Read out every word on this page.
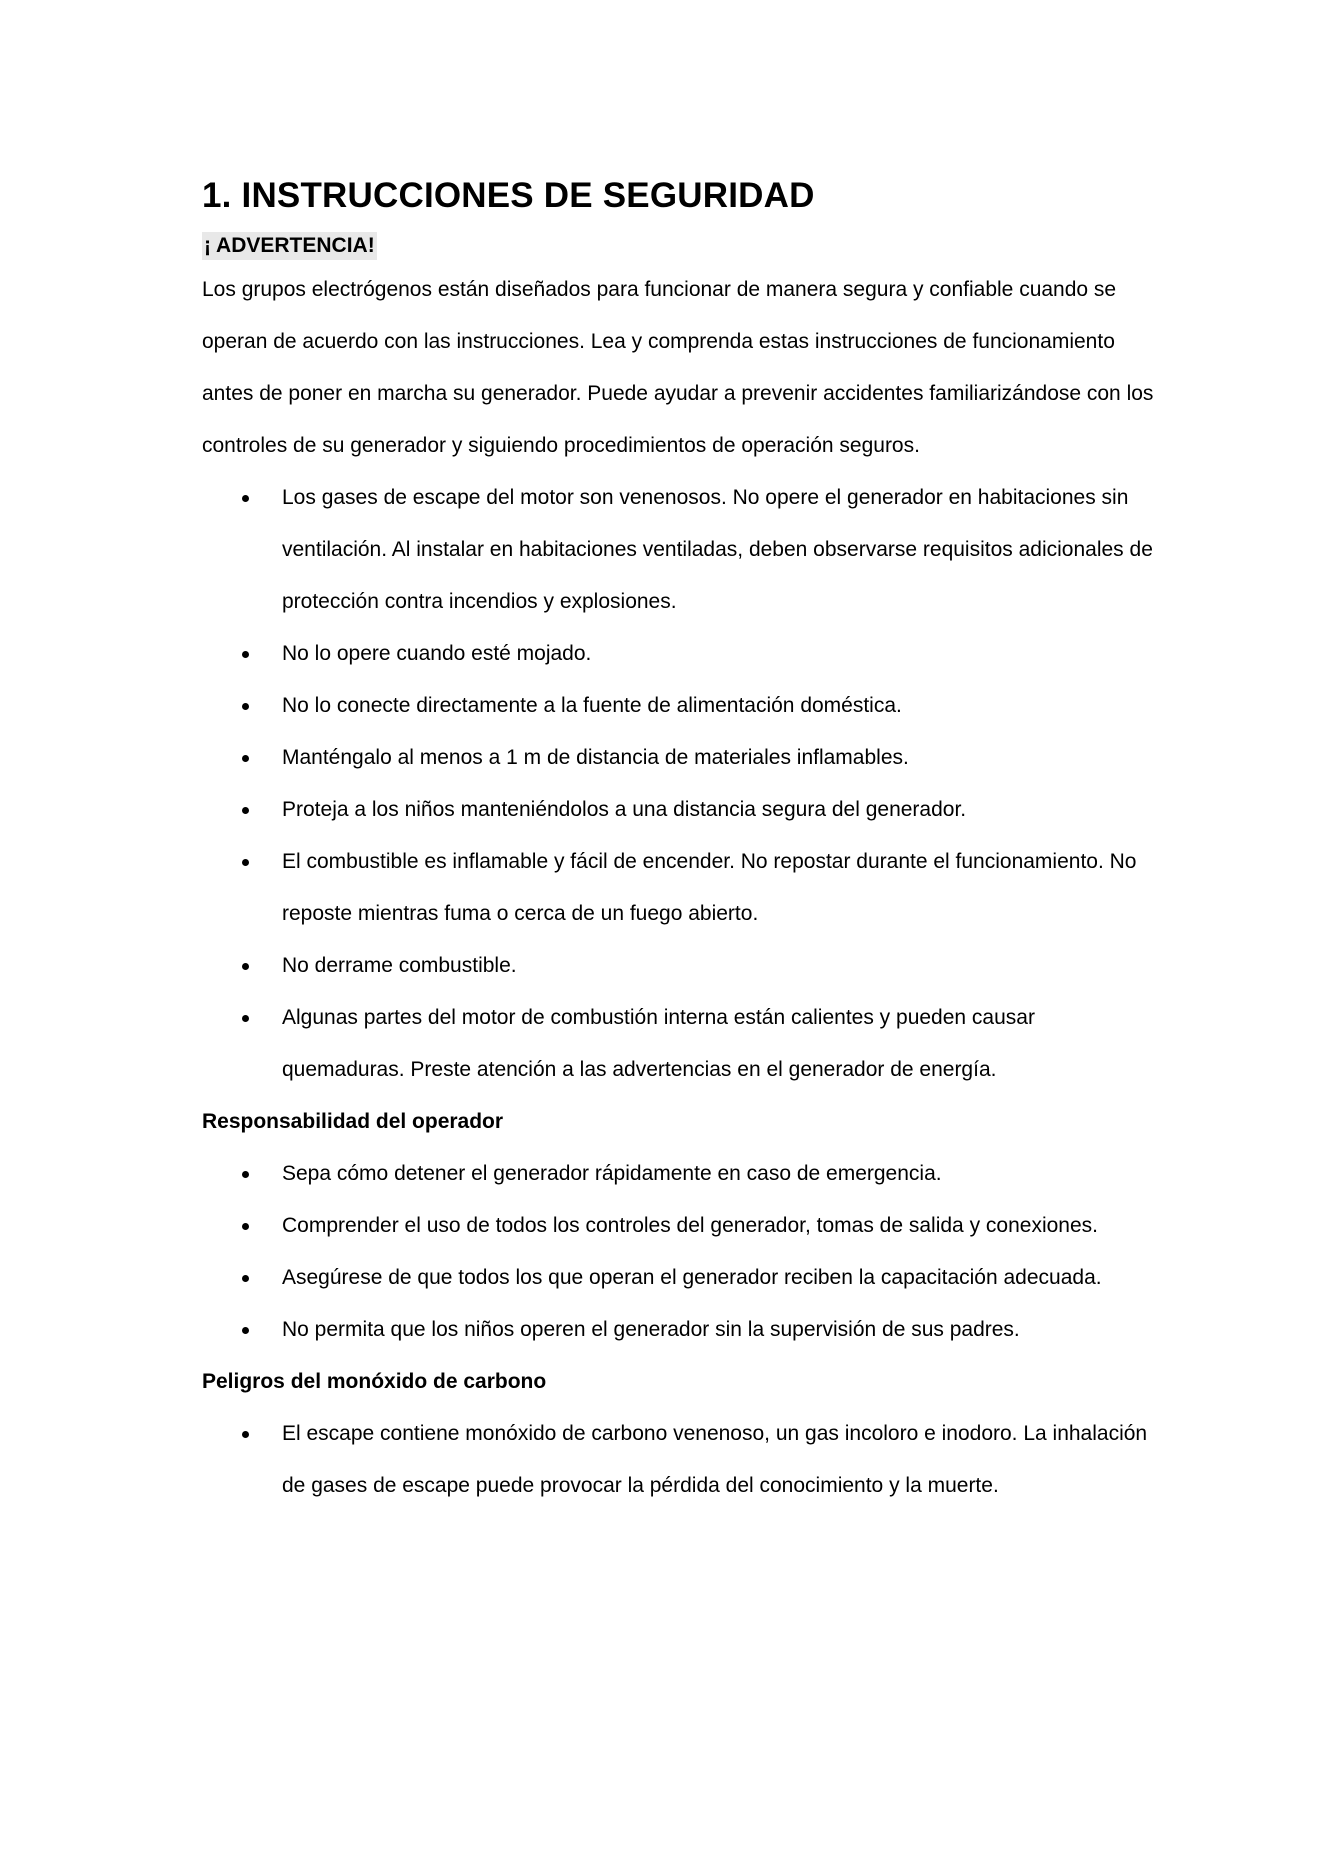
1. INSTRUCCIONES DE SEGURIDAD
¡ ADVERTENCIA!

Los grupos electrógenos están diseñados para funcionar de manera segura y confiable cuando se operan de acuerdo con las instrucciones. Lea y comprenda estas instrucciones de funcionamiento antes de poner en marcha su generador. Puede ayudar a prevenir accidentes familiarizándose con los controles de su generador y siguiendo procedimientos de operación seguros.

Los gases de escape del motor son venenosos. No opere el generador en habitaciones sin ventilación. Al instalar en habitaciones ventiladas, deben observarse requisitos adicionales de protección contra incendios y explosiones.
No lo opere cuando esté mojado.
No lo conecte directamente a la fuente de alimentación doméstica.
Manténgalo al menos a 1 m de distancia de materiales inflamables.
Proteja a los niños manteniéndolos a una distancia segura del generador.
El combustible es inflamable y fácil de encender. No repostar durante el funcionamiento. No reposte mientras fuma o cerca de un fuego abierto.
No derrame combustible.
Algunas partes del motor de combustión interna están calientes y pueden causar quemaduras. Preste atención a las advertencias en el generador de energía.

Responsabilidad del operador

Sepa cómo detener el generador rápidamente en caso de emergencia.
Comprender el uso de todos los controles del generador, tomas de salida y conexiones.
Asegúrese de que todos los que operan el generador reciben la capacitación adecuada.
No permita que los niños operen el generador sin la supervisión de sus padres.

Peligros del monóxido de carbono

El escape contiene monóxido de carbono venenoso, un gas incoloro e inodoro. La inhalación de gases de escape puede provocar la pérdida del conocimiento y la muerte.
